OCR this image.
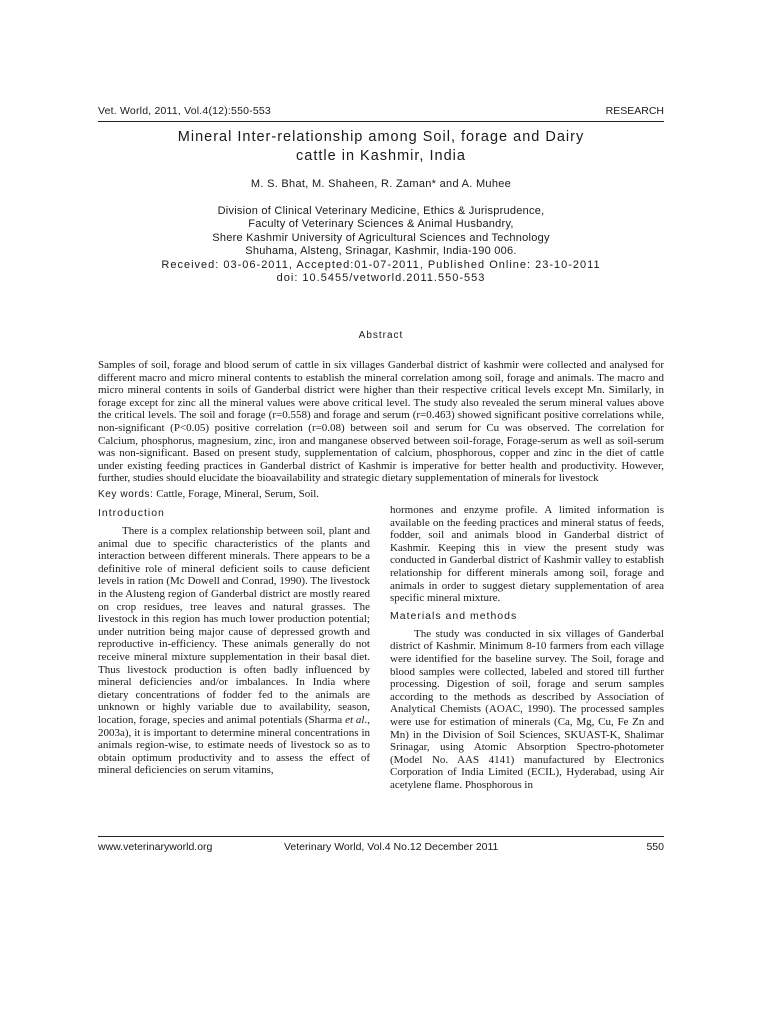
Vet. World, 2011, Vol.4(12):550-553	RESEARCH
Mineral Inter-relationship among Soil, forage and Dairy
cattle in Kashmir, India
M. S. Bhat, M. Shaheen, R. Zaman* and A. Muhee
Division of Clinical Veterinary Medicine, Ethics & Jurisprudence,
Faculty of Veterinary Sciences & Animal Husbandry,
Shere Kashmir University of Agricultural Sciences and Technology
Shuhama, Alsteng, Srinagar, Kashmir, India-190 006.
Received: 03-06-2011, Accepted:01-07-2011, Published Online: 23-10-2011
doi: 10.5455/vetworld.2011.550-553
Abstract

Samples of soil, forage and blood serum of cattle in six villages Ganderbal district of kashmir were collected and analysed for different macro and micro mineral contents to establish the mineral correlation among soil, forage and animals. The macro and micro mineral contents in soils of Ganderbal district were higher than their respective critical levels except Mn. Similarly, in forage except for zinc all the mineral values were above critical level. The study also revealed the serum mineral values above the critical levels. The soil and forage (r=0.558) and forage and serum (r=0.463) showed significant positive correlations while, non-significant (P<0.05) positive correlation (r=0.08) between soil and serum for Cu was observed. The correlation for Calcium, phosphorus, magnesium, zinc, iron and manganese observed between soil-forage, Forage-serum as well as soil-serum was non-significant. Based on present study, supplementation of calcium, phosphorous, copper and zinc in the diet of cattle under existing feeding practices in Ganderbal district of Kashmir is imperative for better health and productivity. However, further, studies should elucidate the bioavailability and strategic dietary supplementation of minerals for livestock

Key words: Cattle, Forage, Mineral, Serum, Soil.
Introduction

There is a complex relationship between soil, plant and animal due to specific characteristics of the plants and interaction between different minerals. There appears to be a definitive role of mineral deficient soils to cause deficient levels in ration (Mc Dowell and Conrad, 1990). The livestock in the Alusteng region of Ganderbal district are mostly reared on crop residues, tree leaves and natural grasses. The livestock in this region has much lower production potential; under nutrition being major cause of depressed growth and reproductive in-efficiency. These animals generally do not receive mineral mixture supplementation in their basal diet. Thus livestock production is often badly influenced by mineral deficiencies and/or imbalances. In India where dietary concentrations of fodder fed to the animals are unknown or highly variable due to availability, season, location, forage, species and animal potentials (Sharma et al., 2003a), it is important to determine mineral concentrations in animals region-wise, to estimate needs of livestock so as to obtain optimum productivity and to assess the effect of mineral deficiencies on serum vitamins,

hormones and enzyme profile. A limited information is available on the feeding practices and mineral status of feeds, fodder, soil and animals blood in Ganderbal district of Kashmir. Keeping this in view the present study was conducted in Ganderbal district of Kashmir valley to establish relationship for different minerals among soil, forage and animals in order to suggest dietary supplementation of area specific mineral mixture.

Materials and methods

The study was conducted in six villages of Ganderbal district of Kashmir. Minimum 8-10 farmers from each village were identified for the baseline survey. The Soil, forage and blood samples were collected, labeled and stored till further processing. Digestion of soil, forage and serum samples according to the methods as described by Association of Analytical Chemists (AOAC, 1990). The processed samples were use for estimation of minerals (Ca, Mg, Cu, Fe Zn and Mn) in the Division of Soil Sciences, SKUAST-K, Shalimar Srinagar, using Atomic Absorption Spectro-photometer (Model No. AAS 4141) manufactured by Electronics Corporation of India Limited (ECIL), Hyderabad, using Air acetylene flame. Phosphorous in

www.veterinaryworld.org	Veterinary World, Vol.4 No.12 December 2011	550
